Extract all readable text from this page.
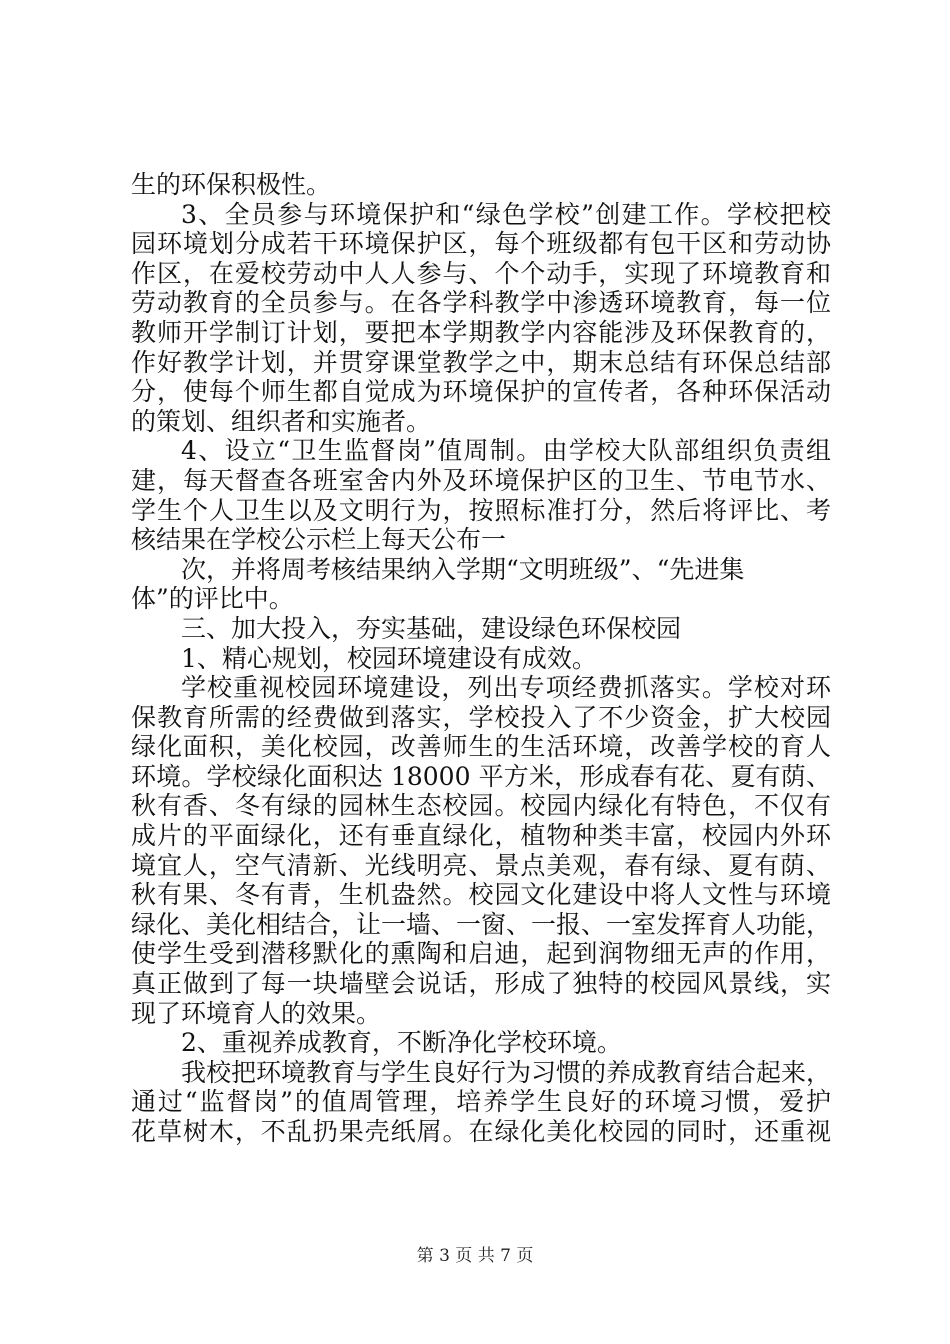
生的环保积极性。
3、全员参与环境保护和“绿色学校”创建工作。学校把校
园环境划分成若干环境保护区，每个班级都有包干区和劳动协
作区，在爱校劳动中人人参与、个个动手，实现了环境教育和
劳动教育的全员参与。在各学科教学中渗透环境教育，每一位
教师开学制订计划，要把本学期教学内容能涉及环保教育的，
作好教学计划，并贯穿课堂教学之中，期末总结有环保总结部
分，使每个师生都自觉成为环境保护的宣传者，各种环保活动
的策划、组织者和实施者。
4、设立“卫生监督岗”值周制。由学校大队部组织负责组
建，每天督查各班室舍内外及环境保护区的卫生、节电节水、
学生个人卫生以及文明行为，按照标准打分，然后将评比、考
核结果在学校公示栏上每天公布一
次，并将周考核结果纳入学期“文明班级”、“先进集
体”的评比中。
三、加大投入，夯实基础，建设绿色环保校园
1、精心规划，校园环境建设有成效。
学校重视校园环境建设，列出专项经费抓落实。学校对环
保教育所需的经费做到落实，学校投入了不少资金，扩大校园
绿化面积，美化校园，改善师生的生活环境，改善学校的育人
环境。学校绿化面积达 18000 平方米，形成春有花、夏有荫、
秋有香、冬有绿的园林生态校园。校园内绿化有特色，不仅有
成片的平面绿化，还有垂直绿化，植物种类丰富，校园内外环
境宜人，空气清新、光线明亮、景点美观，春有绿、夏有荫、
秋有果、冬有青，生机盎然。校园文化建设中将人文性与环境
绿化、美化相结合，让一墙、一窗、一报、一室发挥育人功能，
使学生受到潜移默化的熏陶和启迪，起到润物细无声的作用，
真正做到了每一块墙壁会说话，形成了独特的校园风景线，实
现了环境育人的效果。
2、重视养成教育，不断净化学校环境。
我校把环境教育与学生良好行为习惯的养成教育结合起来，
通过“监督岗”的值周管理，培养学生良好的环境习惯，爱护
花草树木，不乱扔果壳纸屑。在绿化美化校园的同时，还重视
第 3 页 共 7 页
